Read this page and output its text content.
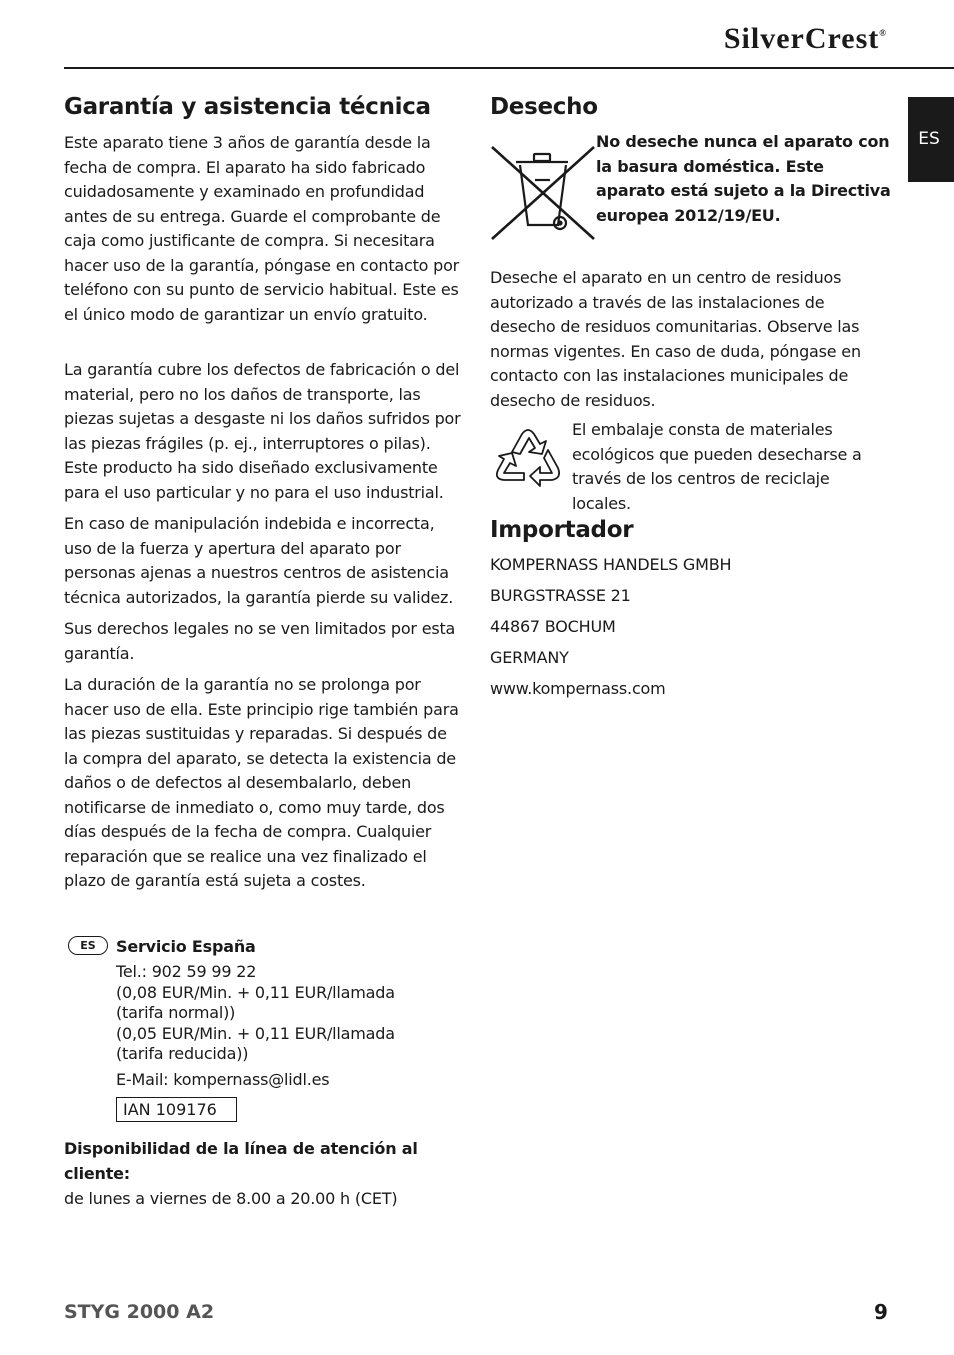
SilverCrest®
ES
Garantía y asistencia técnica

Este aparato tiene 3 años de garantía desde la fecha de compra. El aparato ha sido fabricado cuidadosamente y examinado en profundidad antes de su entrega. Guarde el comprobante de caja como justificante de compra. Si necesitara hacer uso de la garantía, póngase en contacto por teléfono con su punto de servicio habitual. Este es el único modo de garantizar un envío gratuito.

La garantía cubre los defectos de fabricación o del material, pero no los daños de transporte, las piezas sujetas a desgaste ni los daños sufridos por las piezas frágiles (p. ej., interruptores o pilas). Este producto ha sido diseñado exclusivamente para el uso particular y no para el uso industrial.

En caso de manipulación indebida e incorrecta, uso de la fuerza y apertura del aparato por personas ajenas a nuestros centros de asistencia técnica autorizados, la garantía pierde su validez.

Sus derechos legales no se ven limitados por esta garantía.

La duración de la garantía no se prolonga por hacer uso de ella. Este principio rige también para las piezas sustituidas y reparadas. Si después de la compra del aparato, se detecta la existencia de daños o de defectos al desembalarlo, deben notificarse de inmediato o, como muy tarde, dos días después de la fecha de compra. Cualquier reparación que se realice una vez finalizado el plazo de garantía está sujeta a costes.

ES	Servicio España
Tel.: 902 59 99 22
(0,08 EUR/Min. + 0,11 EUR/llamada
(tarifa normal))
(0,05 EUR/Min. + 0,11 EUR/llamada
(tarifa reducida))
E-Mail: kompernass@lidl.es
IAN 109176
Disponibilidad de la línea de atención al cliente:
de lunes a viernes de 8.00 a 20.00 h (CET)
Desecho

No deseche nunca el aparato con la basura doméstica. Este aparato está sujeto a la Directiva europea 2012/19/EU.

Deseche el aparato en un centro de residuos autorizado a través de las instalaciones de desecho de residuos comunitarias. Observe las normas vigentes. En caso de duda, póngase en contacto con las instalaciones municipales de desecho de residuos.

El embalaje consta de materiales ecológicos que pueden desecharse a través de los centros de reciclaje locales.

Importador
KOMPERNASS HANDELS GMBH
BURGSTRASSE 21
44867 BOCHUM
GERMANY
www.kompernass.com
STYG 2000 A2	9
